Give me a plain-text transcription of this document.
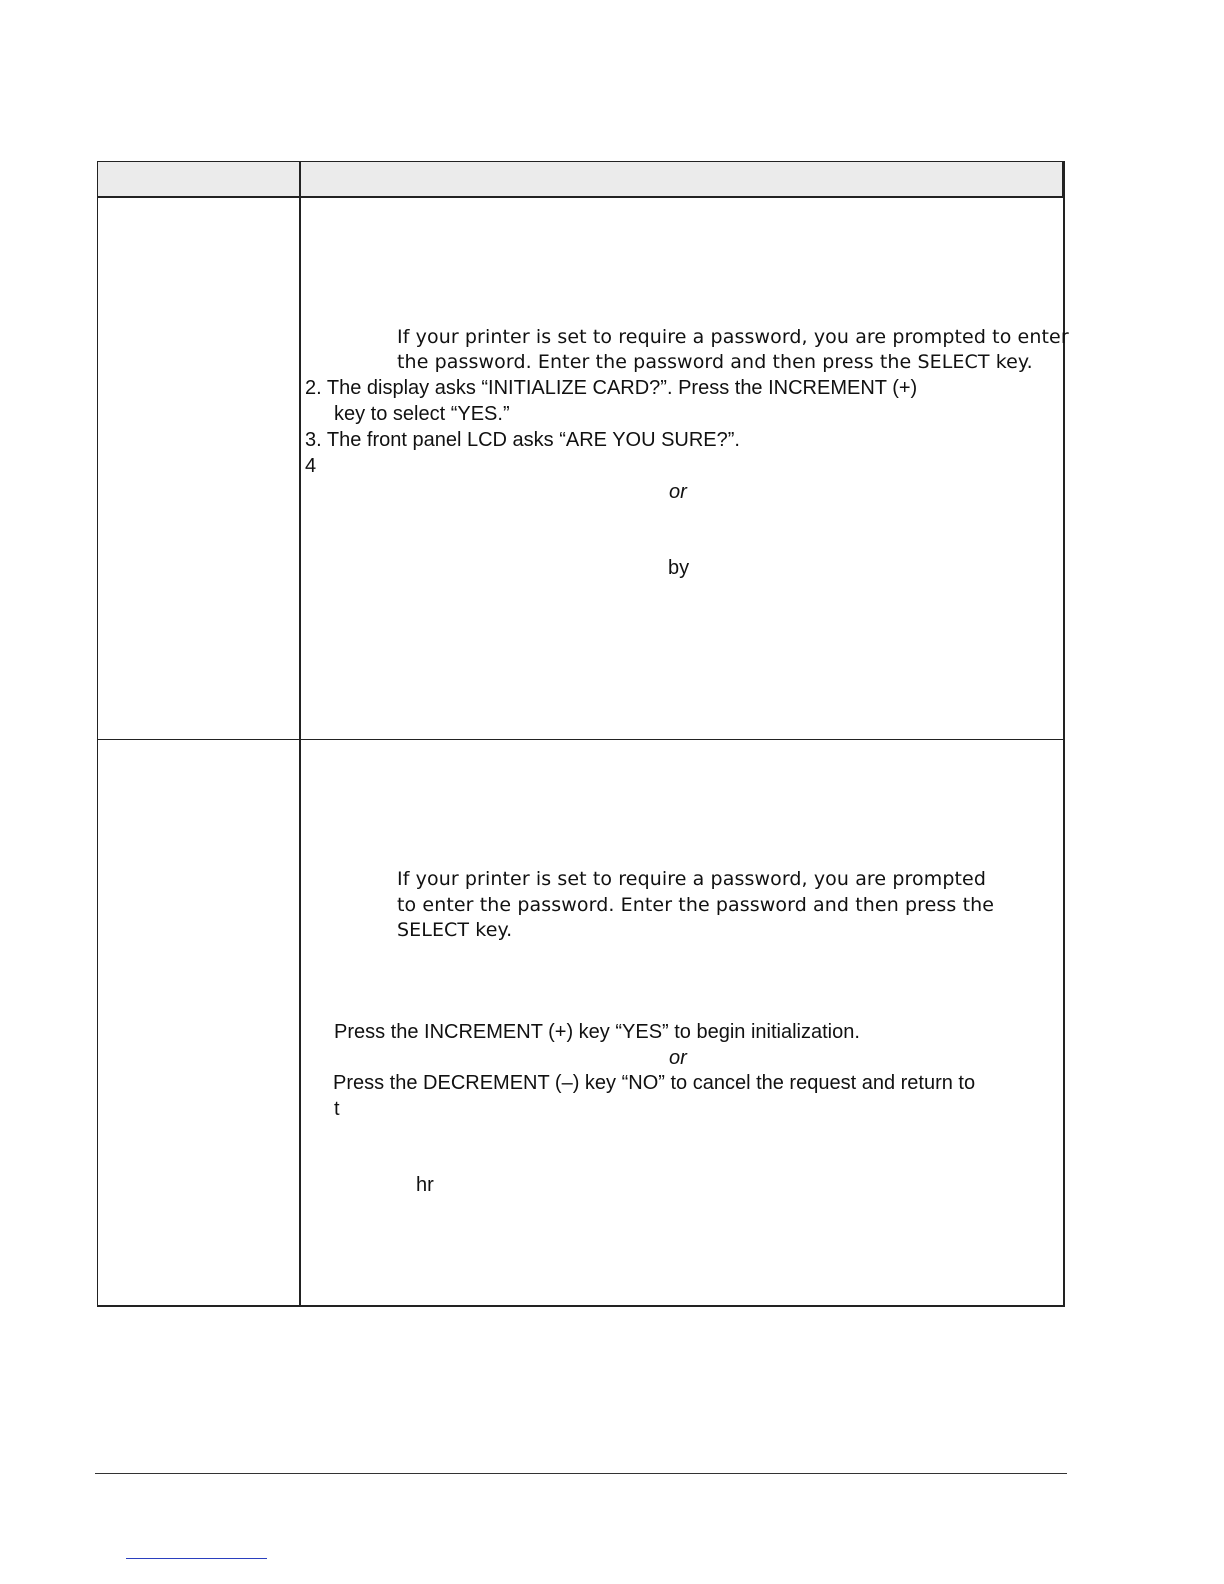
If your printer is set to require a password, you are prompted to enter
the password. Enter the password and then press the SELECT key.
2. The display asks “INITIALIZE CARD?”. Press the INCREMENT (+)
key to select “YES.”
3. The front panel LCD asks “ARE YOU SURE?”.
4
or
by
If your printer is set to require a password, you are prompted
to enter the password. Enter the password and then press the
SELECT key.
Press the INCREMENT (+) key “YES” to begin initialization.
or
Press the DECREMENT (–) key “NO” to cancel the request and return to
t
hr
